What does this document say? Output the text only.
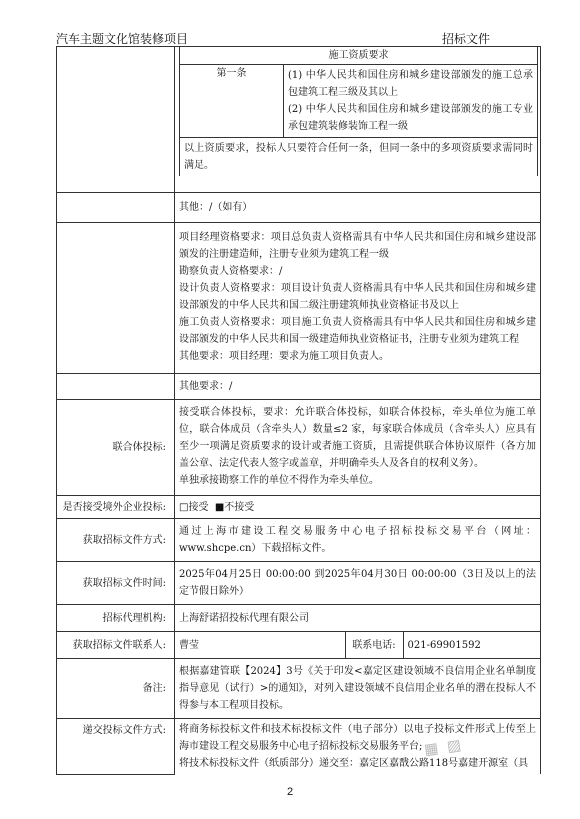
汽车主题文化馆装修项目	招标文件

施工资质要求
第一条	(1) 中华人民共和国住房和城乡建设部颁发的施工总承包建筑工程三级及其以上
(2) 中华人民共和国住房和城乡建设部颁发的施工专业承包建筑装修装饰工程一级

以上资质要求，投标人只要符合任何一条，但同一条中的多项资质要求需同时满足。

	其他：/（如有）

项目经理资格要求：项目总负责人资格需具有中华人民共和国住房和城乡建设部颁发的注册建造师，注册专业须为建筑工程一级
勘察负责人资格要求：/
设计负责人资格要求：项目设计负责人资格需具有中华人民共和国住房和城乡建设部颁发的中华人民共和国二级注册建筑师执业资格证书及以上
施工负责人资格要求：项目施工负责人资格需具有中华人民共和国住房和城乡建设部颁发的中华人民共和国一级建造师执业资格证书，注册专业须为建筑工程
其他要求：项目经理：要求为施工项目负责人。

	其他要求：/
联合体投标:	
接受联合体投标，要求：允许联合体投标，如联合体投标，牵头单位为施工单位，联合体成员（含牵头人）数量≤2 家，每家联合体成员（含牵头人）应具有至少一项满足资质要求的设计或者施工资质，且需提供联合体协议原件（各方加盖公章、法定代表人签字或盖章，并明确牵头人及各自的权利义务）。
单独承接勘察工作的单位不得作为牵头单位。

是否接受境外企业投标:	□接受 ■不接受
获取招标文件方式:	通过上海市建设工程交易服务中心电子招标投标交易平台（网址：www.shcpe.cn）下载招标文件。
获取招标文件时间:	2025年04月25日 00:00:00 到2025年04月30日 00:00:00（3日及以上的法定节假日除外）
招标代理机构:	上海舒诺招投标代理有限公司
获取招标文件联系人:	曹莹	联系电话:	021-69901592

备注:	根据嘉建管联【2024】3号《关于印发<嘉定区建设领域不良信用企业名单制度指导意见（试行）>的通知》，对列入建设领域不良信用企业名单的潜在投标人不得参与本工程项目投标。
递交投标文件方式:	将商务标投标文件和技术标投标文件（电子部分）以电子投标文件形式上传至上海市建设工程交易服务中心电子招标投标交易服务平台;
将技术标投标文件（纸质部分）递交至：嘉定区嘉戬公路118号嘉建开源室（具
▦ ▨
2
